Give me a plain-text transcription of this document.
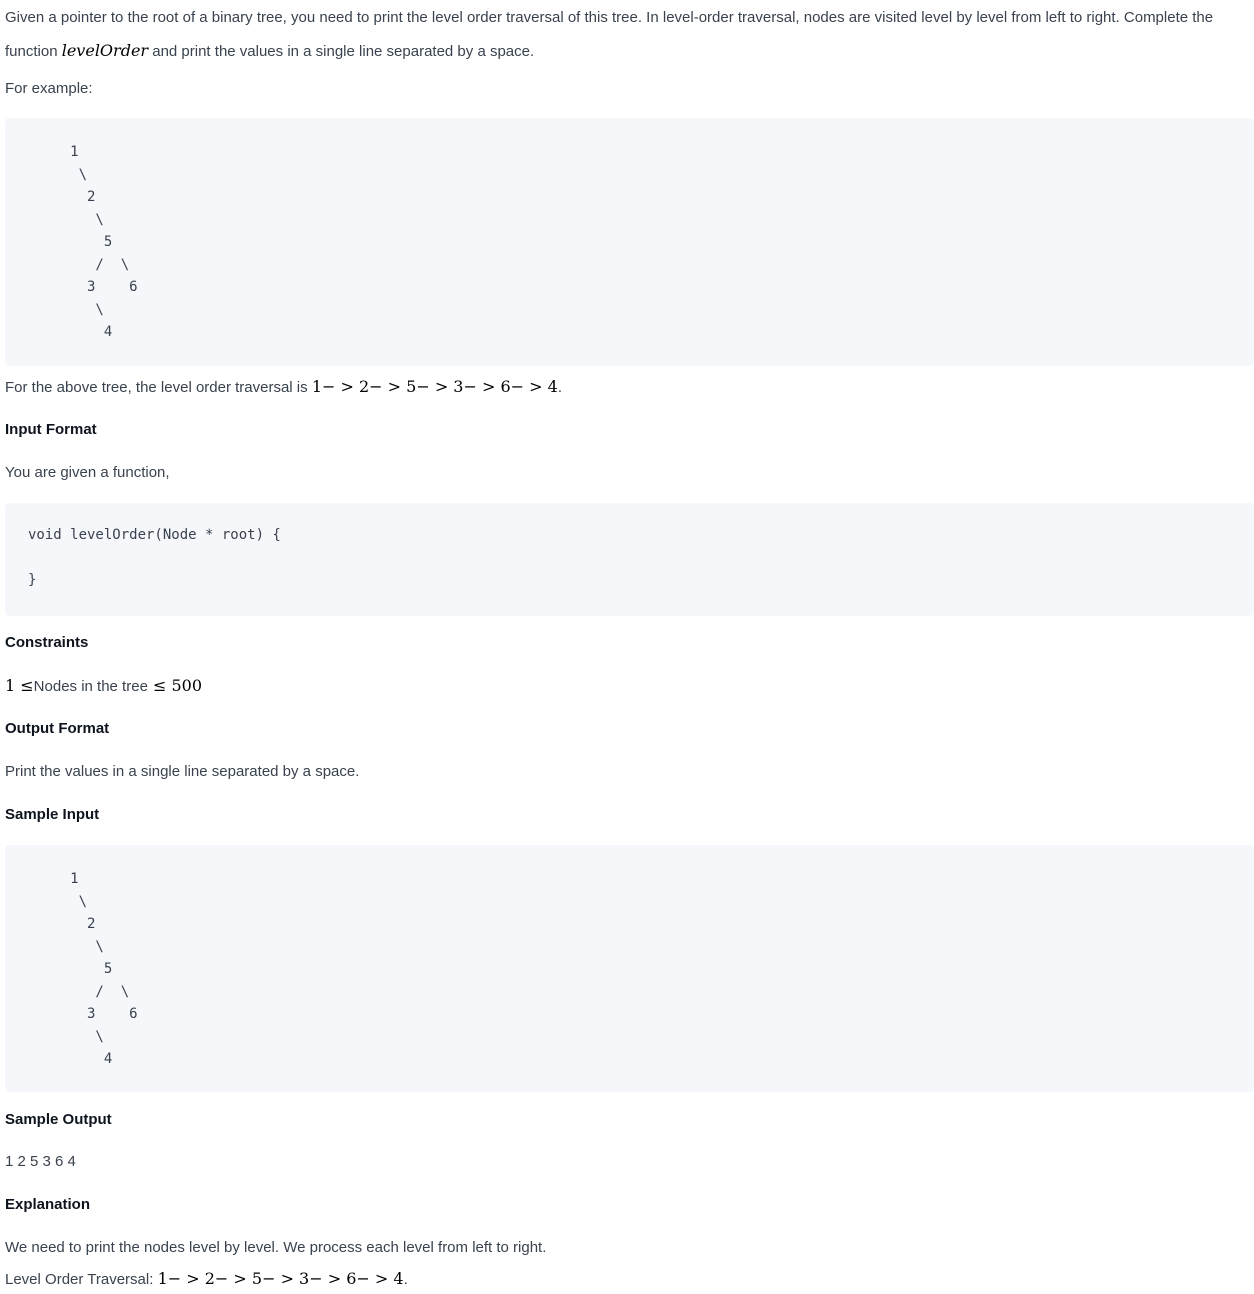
Given a pointer to the root of a binary tree, you need to print the level order traversal of this tree. In level-order traversal, nodes are visited level by level from left to right. Complete the function levelOrder and print the values in a single line separated by a space.

For example:

1
\
2
\
5
/  \
3    6
\
4

For the above tree, the level order traversal is 1− > 2− > 5− > 3− > 6− > 4.

Input Format

You are given a function,

void levelOrder(Node * root) {

}

Constraints

1 ≤Nodes in the tree ≤ 500

Output Format

Print the values in a single line separated by a space.

Sample Input

1
\
2
\
5
/  \
3    6
\
4

Sample Output

1 2 5 3 6 4

Explanation

We need to print the nodes level by level. We process each level from left to right.

Level Order Traversal: 1− > 2− > 5− > 3− > 6− > 4.
